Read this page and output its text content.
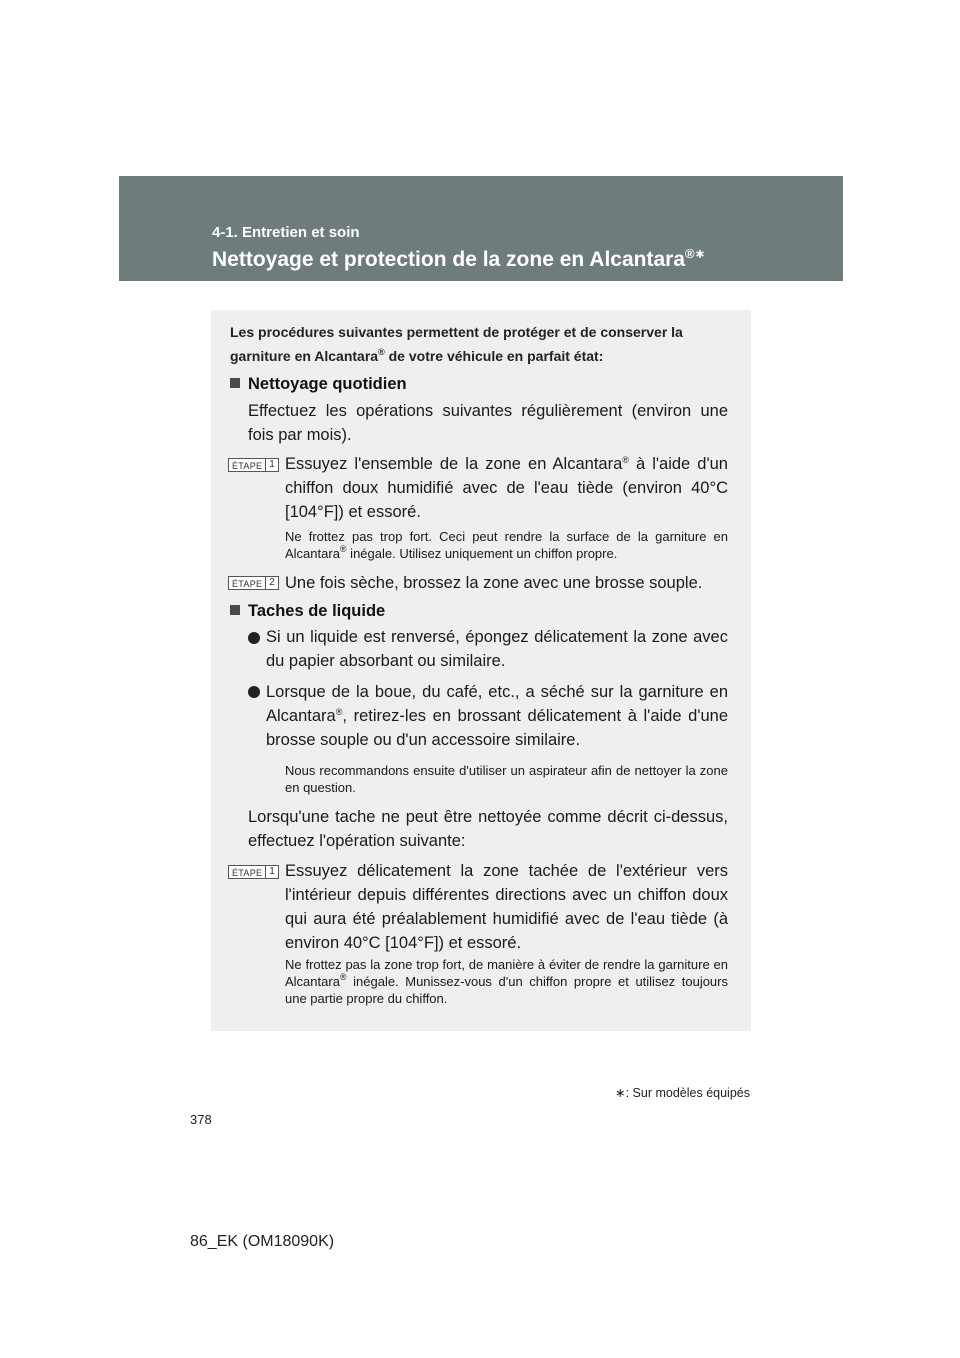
4-1. Entretien et soin
Nettoyage et protection de la zone en Alcantara®∗
Les procédures suivantes permettent de protéger et de conserver la
garniture en Alcantara® de votre véhicule en parfait état:
Nettoyage quotidien
Effectuez les opérations suivantes régulièrement (environ une fois par mois).
ÉTAPE 1 Essuyez l'ensemble de la zone en Alcantara® à l'aide d'un chiffon doux humidifié avec de l'eau tiède (environ 40°C [104°F]) et essoré.
Ne frottez pas trop fort. Ceci peut rendre la surface de la garniture en Alcantara® inégale. Utilisez uniquement un chiffon propre.
ÉTAPE 2 Une fois sèche, brossez la zone avec une brosse souple.
Taches de liquide
Si un liquide est renversé, épongez délicatement la zone avec du papier absorbant ou similaire.
Lorsque de la boue, du café, etc., a séché sur la garniture en Alcantara®, retirez-les en brossant délicatement à l'aide d'une brosse souple ou d'un accessoire similaire.
Nous recommandons ensuite d'utiliser un aspirateur afin de nettoyer la zone en question.
Lorsqu'une tache ne peut être nettoyée comme décrit ci-dessus, effectuez l'opération suivante:
ÉTAPE 1 Essuyez délicatement la zone tachée de l'extérieur vers l'intérieur depuis différentes directions avec un chiffon doux qui aura été préalablement humidifié avec de l'eau tiède (à environ 40°C [104°F]) et essoré.
Ne frottez pas la zone trop fort, de manière à éviter de rendre la garniture en Alcantara® inégale. Munissez-vous d'un chiffon propre et utilisez toujours une partie propre du chiffon.
∗: Sur modèles équipés
378
86_EK (OM18090K)
